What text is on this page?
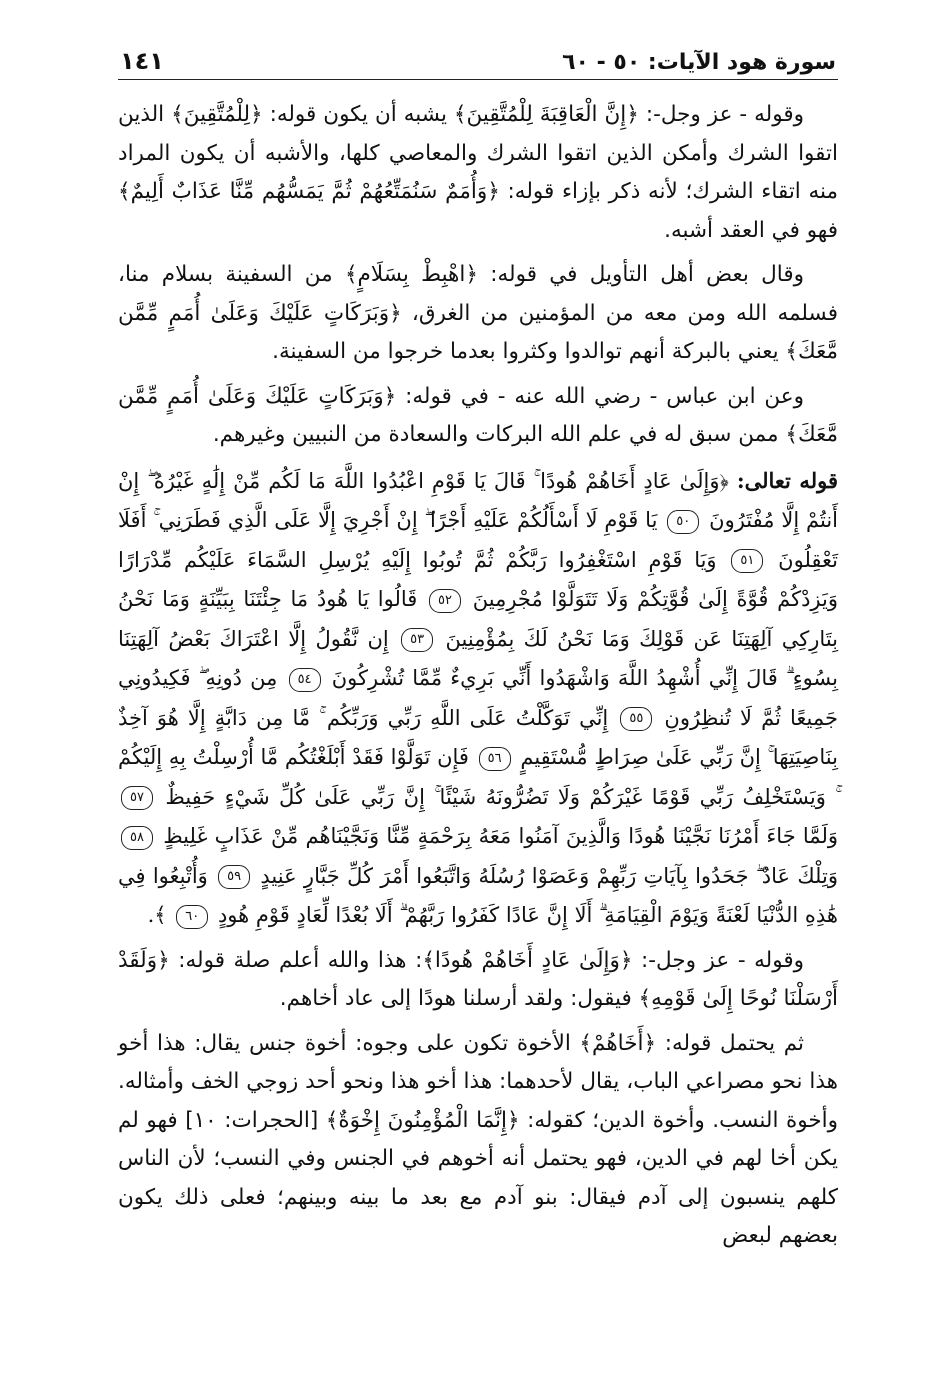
سورة هود الآيات: ٥٠ - ٦٠
١٤١

وقوله - عز وجل-: ﴿إِنَّ الْعَاقِبَةَ لِلْمُتَّقِينَ﴾ يشبه أن يكون قوله: ﴿لِلْمُتَّقِينَ﴾ الذين اتقوا الشرك وأمكن الذين اتقوا الشرك والمعاصي كلها، والأشبه أن يكون المراد منه اتقاء الشرك؛ لأنه ذكر بإزاء قوله: ﴿وَأُمَمٌ سَنُمَتِّعُهُمْ ثُمَّ يَمَسُّهُم مِّنَّا عَذَابٌ أَلِيمٌ﴾ فهو في العقد أشبه.

وقال بعض أهل التأويل في قوله: ﴿اهْبِطْ بِسَلَامٍ﴾ من السفينة بسلام منا، فسلمه الله ومن معه من المؤمنين من الغرق، ﴿وَبَرَكَاتٍ عَلَيْكَ وَعَلَىٰ أُمَمٍ مِّمَّن مَّعَكَ﴾ يعني بالبركة أنهم توالدوا وكثروا بعدما خرجوا من السفينة.

وعن ابن عباس - رضي الله عنه - في قوله: ﴿وَبَرَكَاتٍ عَلَيْكَ وَعَلَىٰ أُمَمٍ مِّمَّن مَّعَكَ﴾ ممن سبق له في علم الله البركات والسعادة من النبيين وغيرهم.

قوله تعالى: ﴿وَإِلَىٰ عَادٍ أَخَاهُمْ هُودًا ۚ قَالَ يَا قَوْمِ اعْبُدُوا اللَّهَ مَا لَكُم مِّنْ إِلَٰهٍ غَيْرُهُ ۖ إِنْ أَنتُمْ إِلَّا مُفْتَرُونَ ٥٠ يَا قَوْمِ لَا أَسْأَلُكُمْ عَلَيْهِ أَجْرًا ۖ إِنْ أَجْرِيَ إِلَّا عَلَى الَّذِي فَطَرَنِي ۚ أَفَلَا تَعْقِلُونَ ٥١ وَيَا قَوْمِ اسْتَغْفِرُوا رَبَّكُمْ ثُمَّ تُوبُوا إِلَيْهِ يُرْسِلِ السَّمَاءَ عَلَيْكُم مِّدْرَارًا وَيَزِدْكُمْ قُوَّةً إِلَىٰ قُوَّتِكُمْ وَلَا تَتَوَلَّوْا مُجْرِمِينَ ٥٢ قَالُوا يَا هُودُ مَا جِئْتَنَا بِبَيِّنَةٍ وَمَا نَحْنُ بِتَارِكِي آلِهَتِنَا عَن قَوْلِكَ وَمَا نَحْنُ لَكَ بِمُؤْمِنِينَ ٥٣ إِن نَّقُولُ إِلَّا اعْتَرَاكَ بَعْضُ آلِهَتِنَا بِسُوءٍ ۗ قَالَ إِنِّي أُشْهِدُ اللَّهَ وَاشْهَدُوا أَنِّي بَرِيءٌ مِّمَّا تُشْرِكُونَ ٥٤ مِن دُونِهِ ۖ فَكِيدُونِي جَمِيعًا ثُمَّ لَا تُنظِرُونِ ٥٥ إِنِّي تَوَكَّلْتُ عَلَى اللَّهِ رَبِّي وَرَبِّكُم ۚ مَّا مِن دَابَّةٍ إِلَّا هُوَ آخِذٌ بِنَاصِيَتِهَا ۚ إِنَّ رَبِّي عَلَىٰ صِرَاطٍ مُّسْتَقِيمٍ ٥٦ فَإِن تَوَلَّوْا فَقَدْ أَبْلَغْتُكُم مَّا أُرْسِلْتُ بِهِ إِلَيْكُمْ ۚ وَيَسْتَخْلِفُ رَبِّي قَوْمًا غَيْرَكُمْ وَلَا تَضُرُّونَهُ شَيْئًا ۚ إِنَّ رَبِّي عَلَىٰ كُلِّ شَيْءٍ حَفِيظٌ ٥٧ وَلَمَّا جَاءَ أَمْرُنَا نَجَّيْنَا هُودًا وَالَّذِينَ آمَنُوا مَعَهُ بِرَحْمَةٍ مِّنَّا وَنَجَّيْنَاهُم مِّنْ عَذَابٍ غَلِيظٍ ٥٨ وَتِلْكَ عَادٌ ۖ جَحَدُوا بِآيَاتِ رَبِّهِمْ وَعَصَوْا رُسُلَهُ وَاتَّبَعُوا أَمْرَ كُلِّ جَبَّارٍ عَنِيدٍ ٥٩ وَأُتْبِعُوا فِي هَٰذِهِ الدُّنْيَا لَعْنَةً وَيَوْمَ الْقِيَامَةِ ۗ أَلَا إِنَّ عَادًا كَفَرُوا رَبَّهُمْ ۗ أَلَا بُعْدًا لِّعَادٍ قَوْمِ هُودٍ ٦٠ ﴾.

وقوله - عز وجل-: ﴿وَإِلَىٰ عَادٍ أَخَاهُمْ هُودًا﴾: هذا والله أعلم صلة قوله: ﴿وَلَقَدْ أَرْسَلْنَا نُوحًا إِلَىٰ قَوْمِهِ﴾ فيقول: ولقد أرسلنا هودًا إلى عاد أخاهم.

ثم يحتمل قوله: ﴿أَخَاهُمْ﴾ الأخوة تكون على وجوه: أخوة جنس يقال: هذا أخو هذا نحو مصراعي الباب، يقال لأحدهما: هذا أخو هذا ونحو أحد زوجي الخف وأمثاله. وأخوة النسب. وأخوة الدين؛ كقوله: ﴿إِنَّمَا الْمُؤْمِنُونَ إِخْوَةٌ﴾ [الحجرات: ١٠] فهو لم يكن أخا لهم في الدين، فهو يحتمل أنه أخوهم في الجنس وفي النسب؛ لأن الناس كلهم ينسبون إلى آدم فيقال: بنو آدم مع بعد ما بينه وبينهم؛ فعلى ذلك يكون بعضهم لبعض
